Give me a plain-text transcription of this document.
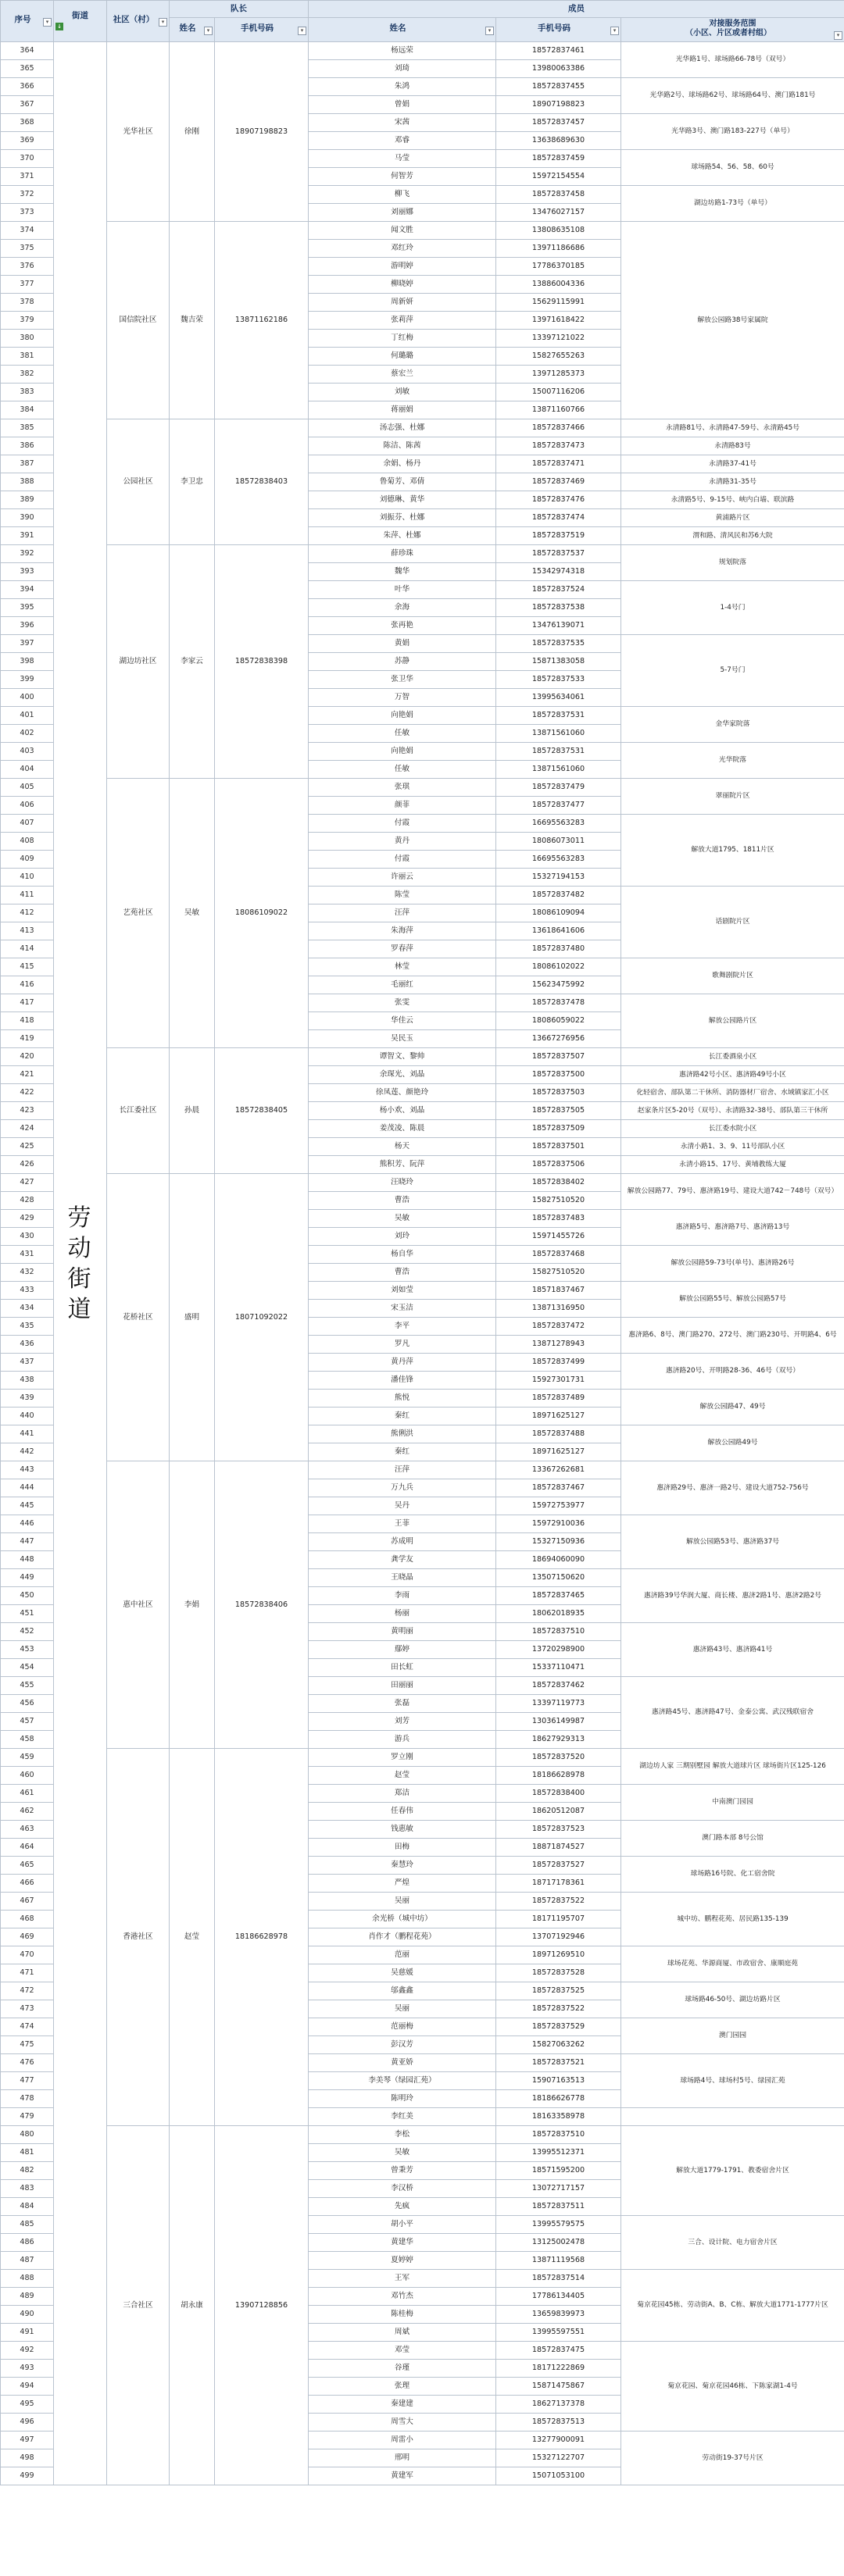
序号 ▾	街道

↓	社区（村） ▾	队长		成员		
			姓名 ▾	手机号码 ▾	姓名 ▾	手机号码 ▾	对接服务范围
（小区、片区或者村组） ▾

364	劳动街道	光华社区	徐刚	18907198823	杨远荣	18572837461	光华路1号、球场路66-78号（双号）
365					刘琦	13980063386	
366					朱鸿	18572837455	光华路2号、球场路62号、球场路64号、澳门路181号
367					曾娟	18907198823	
368					宋茜	18572837457	光华路3号、澳门路183-227号（单号）
369					邓睿	13638689630	
370					马莹	18572837459	球场路54、56、58、60号
371					何智芳	15972154554	
372					柳飞	18572837458	湖边坊路1-73号（单号）
373					刘丽娜	13476027157	
374		国信院社区	魏吉荣	13871162186	闻文胜	13808635108	解放公园路38号家属院
375					邓红玲	13971186686	
376					游明婷	17786370185	
377					柳晓婷	13886004336	
378					周新妍	15629115991	
379					张莉萍	13971618422	
380					丁红梅	13397121022	
381					何璐璐	15827655263	
382					蔡宏兰	13971285373	
383					刘敏	15007116206	
384					蒋丽娟	13871160766	
385		公园社区	李卫忠	18572838403	汤志强、杜娜	18572837466	永清路81号、永清路47-59号、永清路45号
386					陈洁、陈茜	18572837473	永清路83号
387					余娟、杨丹	18572837471	永清路37-41号
388					鲁菊芳、邓倩	18572837469	永清路31-35号
389					刘德琳、黄华	18572837476	永清路5号、9-15号、峡内白墙、联滨路
390					刘振芬、杜娜	18572837474	黄浦路片区
391					朱萍、杜娜	18572837519	渭和路、清风民和苏6大院
392		湖边坊社区	李家云	18572838398	薛珍珠	18572837537	规划院落
393					魏华	15342974318	
394					叶华	18572837524	1-4号门
395					余海	18572837538	
396					张再艳	13476139071	
397					黄娟	18572837535	5-7号门
398					苏静	15871383058	
399					张卫华	18572837533	
400					万智	13995634061	
401					向艳娟	18572837531	金华家院落
402					任敏	13871561060	
403					向艳娟	18572837531	光华院落
404					任敏	13871561060	
405		艺苑社区	吴敏	18086109022	张琪	18572837479	翠丽院片区
406					颜菲	18572837477	
407					付霞	16695563283	解放大道1795、1811片区
408					黄丹	18086073011	
409					付霞	16695563283	
410					许丽云	15327194153	
411					陈莹	18572837482	话剧院片区
412					汪萍	18086109094	
413					朱海萍	13618641606	
414					罗春萍	18572837480	
415					林莹	18086102022	歌舞剧院片区
416					毛丽红	15623475992	
417					张雯	18572837478	解放公园路片区
418					华佳云	18086059022	
419					吴民玉	13667276956	
420		长江委社区	孙晨	18572838405	谭智文、黎帅	18572837507	长江委酒泉小区
421					余琛光、刘晶	18572837500	惠济路42号小区、惠济路49号小区
422					徐凤莲、颜艳玲	18572837503	化轻宿舍、部队第二干休所、消防器材厂宿舍、水域镇家汇小区
423					杨小欢、刘晶	18572837505	赵家条片区5-20号（双号）、永清路32-38号、部队第三干休所
424					姜茂凌、陈晨	18572837509	长江委水院小区
425					杨天	18572837501	永清小路1、3、9、11号部队小区
426					熊积芳、阮萍	18572837506	永清小路15、17号、黄埔教练大厦
427		花桥社区	盛明	18071092022	汪晓玲	18572838402	解放公园路77、79号、惠济路19号、建设大道742－748号（双号）
428					曹浩	15827510520	
429					吴敏	18572837483	惠济路5号、惠济路7号、惠济路13号
430					刘玲	15971455726	
431					杨自华	18572837468	解放公园路59-73号(单号)、惠济路26号
432					曹浩	15827510520	
433					刘如莹	18571837467	解放公园路55号、解放公园路57号
434					宋玉洁	13871316950	
435					李平	18572837472	惠济路6、8号、澳门路270、272号、澳门路230号、开明路4、6号
436					罗凡	13871278943	
437					黄丹萍	18572837499	惠济路20号、开明路28-36、46号（双号）
438					潘佳锋	15927301731	
439					熊悦	18572837489	解放公园路47、49号
440					秦红	18971625127	
441					熊俐洪	18572837488	解放公园路49号
442					秦红	18971625127	
443		惠中社区	李娟	18572838406	汪萍	13367262681	惠济路29号、惠济一路2号、建设大道752-756号
444					万九兵	18572837467	
445					吴丹	15972753977	
446					王菲	15972910036	解放公园路53号、惠济路37号
447					苏成明	15327150936	
448					龚学友	18694060090	
449					王晓晶	13507150620	惠济路39号华润大厦、商长楼、惠济2路1号、惠济2路2号
450					李雨	18572837465	
451					杨丽	18062018935	
452					黄明丽	18572837510	惠济路43号、惠济路41号
453					鄢婷	13720298900	
454					田长虹	15337110471	
455					田丽丽	18572837462	惠济路45号、惠济路47号、金泰公寓、武汉残联宿舍
456					张磊	13397119773	
457					刘芳	13036149987	
458					游兵	18627929313	
459		香港社区	赵莹	18186628978	罗立刚	18572837520	湖边坊人家 三期别墅园 解放大道球片区 球场街片区125-126
460					赵莹	18186628978	
461					郑洁	18572838400	中南澳门园园
462					任春伟	18620512087	
463					钱惠敏	18572837523	澳门路本部 8号公馆
464					田梅	18871874527	
465					秦慧玲	18572837527	球场路16号院、化工宿舍院
466					严煌	18717178361	
467					吴丽	18572837522	城中坊、鹏程花苑、居民路135-139
468					余光桥（城中坊）	18171195707	
469					肖作才（鹏程花苑）	13707192946	
470					范丽	18971269510	球场花苑、华源商厦、市政宿舍、康顺庭苑
471					吴慈媛	18572837528	
472					邬鑫鑫	18572837525	球场路46-50号、湖边坊路片区
473					吴丽	18572837522	
474					范丽梅	18572837529	澳门园园
475					彭汉芳	15827063262	
476					黄亚娇	18572837521	球场路4号、球场村5号、绿园汇苑
477					李美琴（绿园汇苑）	15907163513	
478					陈明玲	18186626778	
479					李红美	18163358978	
480		三合社区	胡永康	13907128856	李松	18572837510	解放大道1779-1791、教委宿舍片区
481					吴敏	13995512371	
482					曾秉芳	18571595200	
483					李汉桥	13072717157	
484					先疯	18572837511	
485					胡小平	13995579575	三合、设计院、电力宿舍片区
486					黄建华	13125002478	
487					夏婷婷	13871119568	
488					王军	18572837514	菊京花园45栋、劳动街A、B、C栋、解放大道1771-1777片区
489					邓竹杰	17786134405	
490					陈桂梅	13659839973	
491					周斌	13995597551	
492					邓莹	18572837475	菊京花园、菊京花园46栋、下陈家湖1-4号
493					谷瑾	18171222869	
494					张理	15871475867	
495					秦建建	18627137378	
496					周雪大	18572837513	
497					周雷小	13277900091	劳动街19-37号片区
498					邢明	15327122707	
499					黄建军	15071053100	
